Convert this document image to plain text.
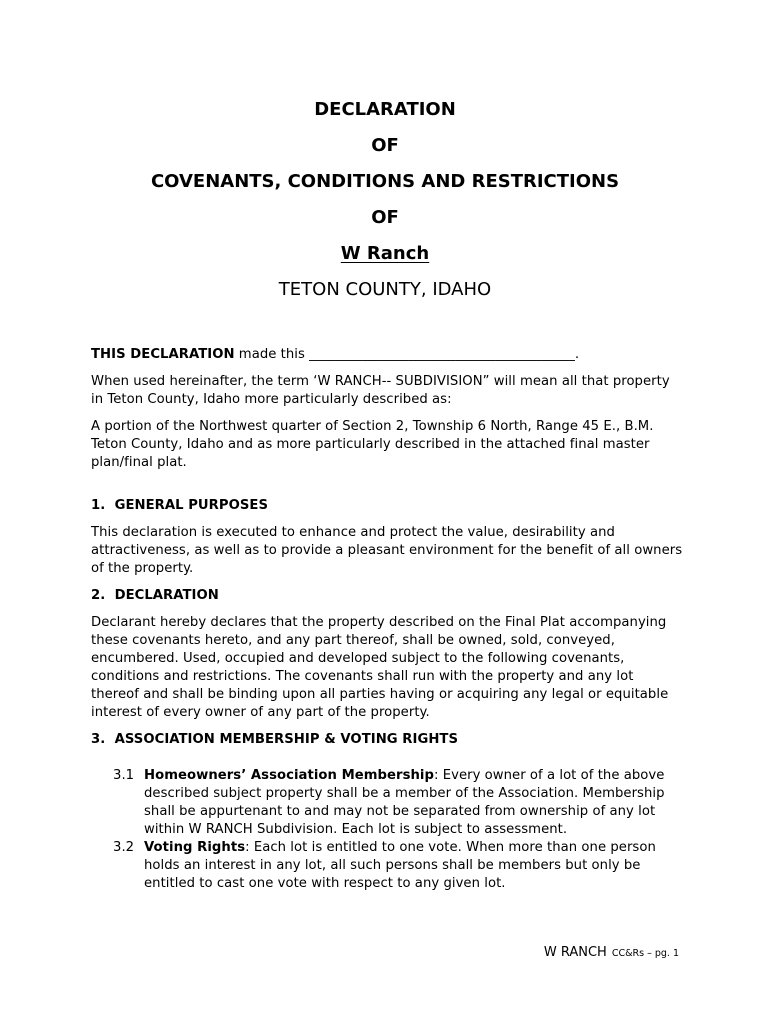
DECLARATION
OF
COVENANTS, CONDITIONS AND RESTRICTIONS
OF
W Ranch
TETON COUNTY, IDAHO

THIS DECLARATION made this ________________________________________.

When used hereinafter, the term ‘W RANCH-- SUBDIVISION” will mean all that property in Teton County, Idaho more particularly described as:

A portion of the Northwest quarter of Section 2, Township 6 North, Range 45 E., B.M. Teton County, Idaho and as more particularly described in the attached final master plan/final plat.

1.  GENERAL PURPOSES

This declaration is executed to enhance and protect the value, desirability and attractiveness, as well as to provide a pleasant environment for the benefit of all owners of the property.

2.  DECLARATION

Declarant hereby declares that the property described on the Final Plat accompanying these covenants hereto, and any part thereof, shall be owned, sold, conveyed, encumbered. Used, occupied and developed subject to the following covenants, conditions and restrictions. The covenants shall run with the property and any lot thereof and shall be binding upon all parties having or acquiring any legal or equitable interest of every owner of any part of the property.

3.  ASSOCIATION MEMBERSHIP & VOTING RIGHTS
3.1 Homeowners’ Association Membership: Every owner of a lot of the above described subject property shall be a member of the Association. Membership shall be appurtenant to and may not be separated from ownership of any lot within W RANCH Subdivision. Each lot is subject to assessment.
3.2 Voting Rights: Each lot is entitled to one vote. When more than one person holds an interest in any lot, all such persons shall be members but only be entitled to cast one vote with respect to any given lot.
W RANCH CC&Rs – pg. 1
